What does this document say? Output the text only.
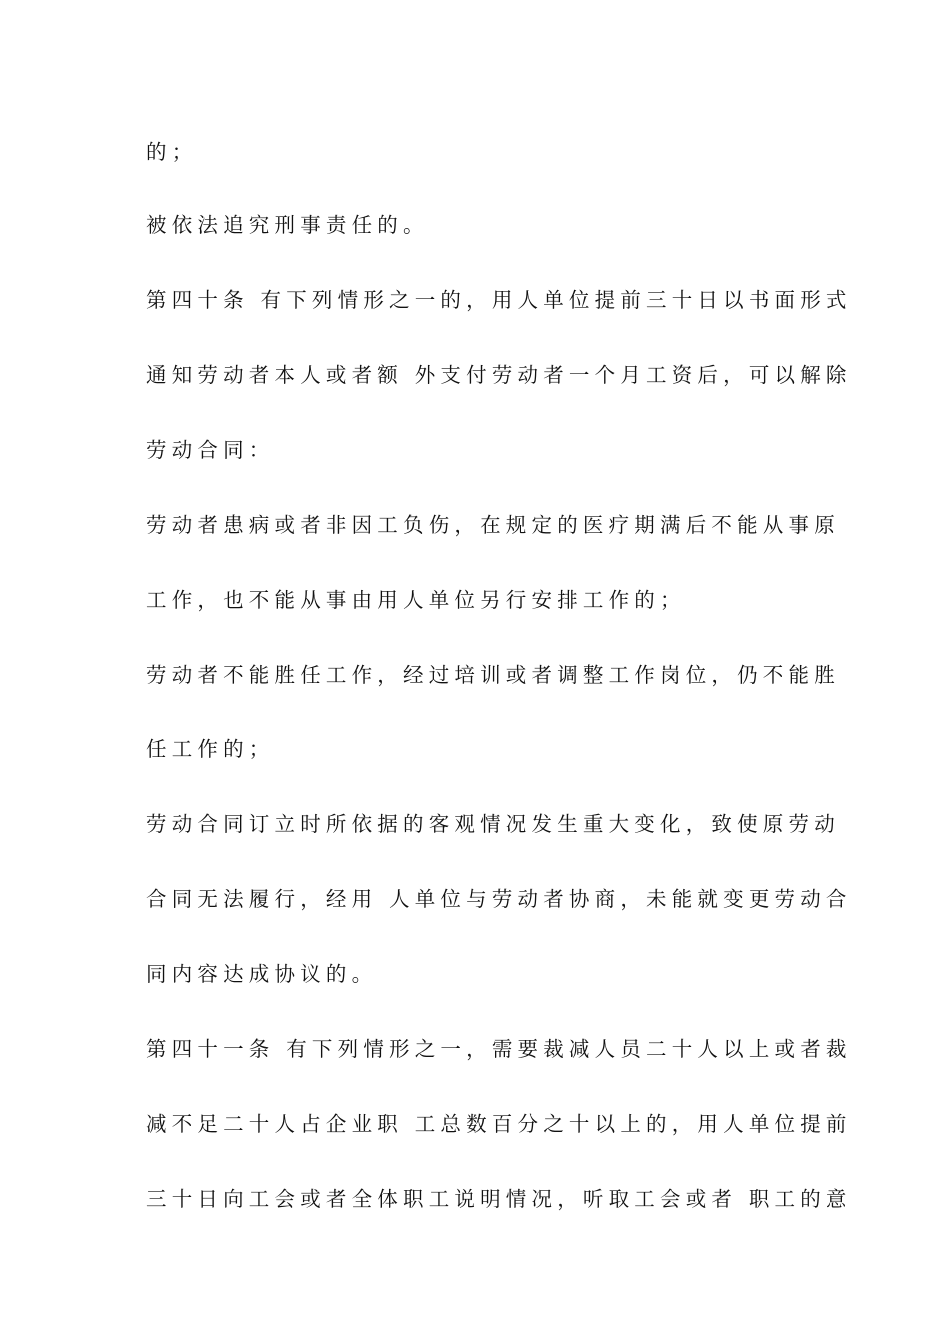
的；
被依法追究刑事责任的。
第四十条 有下列情形之一的，用人单位提前三十日以书面形式
通知劳动者本人或者额 外支付劳动者一个月工资后，可以解除
劳动合同：
劳动者患病或者非因工负伤，在规定的医疗期满后不能从事原
工作，也不能从事由用人单位另行安排工作的；
劳动者不能胜任工作，经过培训或者调整工作岗位，仍不能胜
任工作的；
劳动合同订立时所依据的客观情况发生重大变化，致使原劳动
合同无法履行，经用 人单位与劳动者协商，未能就变更劳动合
同内容达成协议的。
第四十一条 有下列情形之一，需要裁减人员二十人以上或者裁
减不足二十人占企业职 工总数百分之十以上的，用人单位提前
三十日向工会或者全体职工说明情况，听取工会或者 职工的意
